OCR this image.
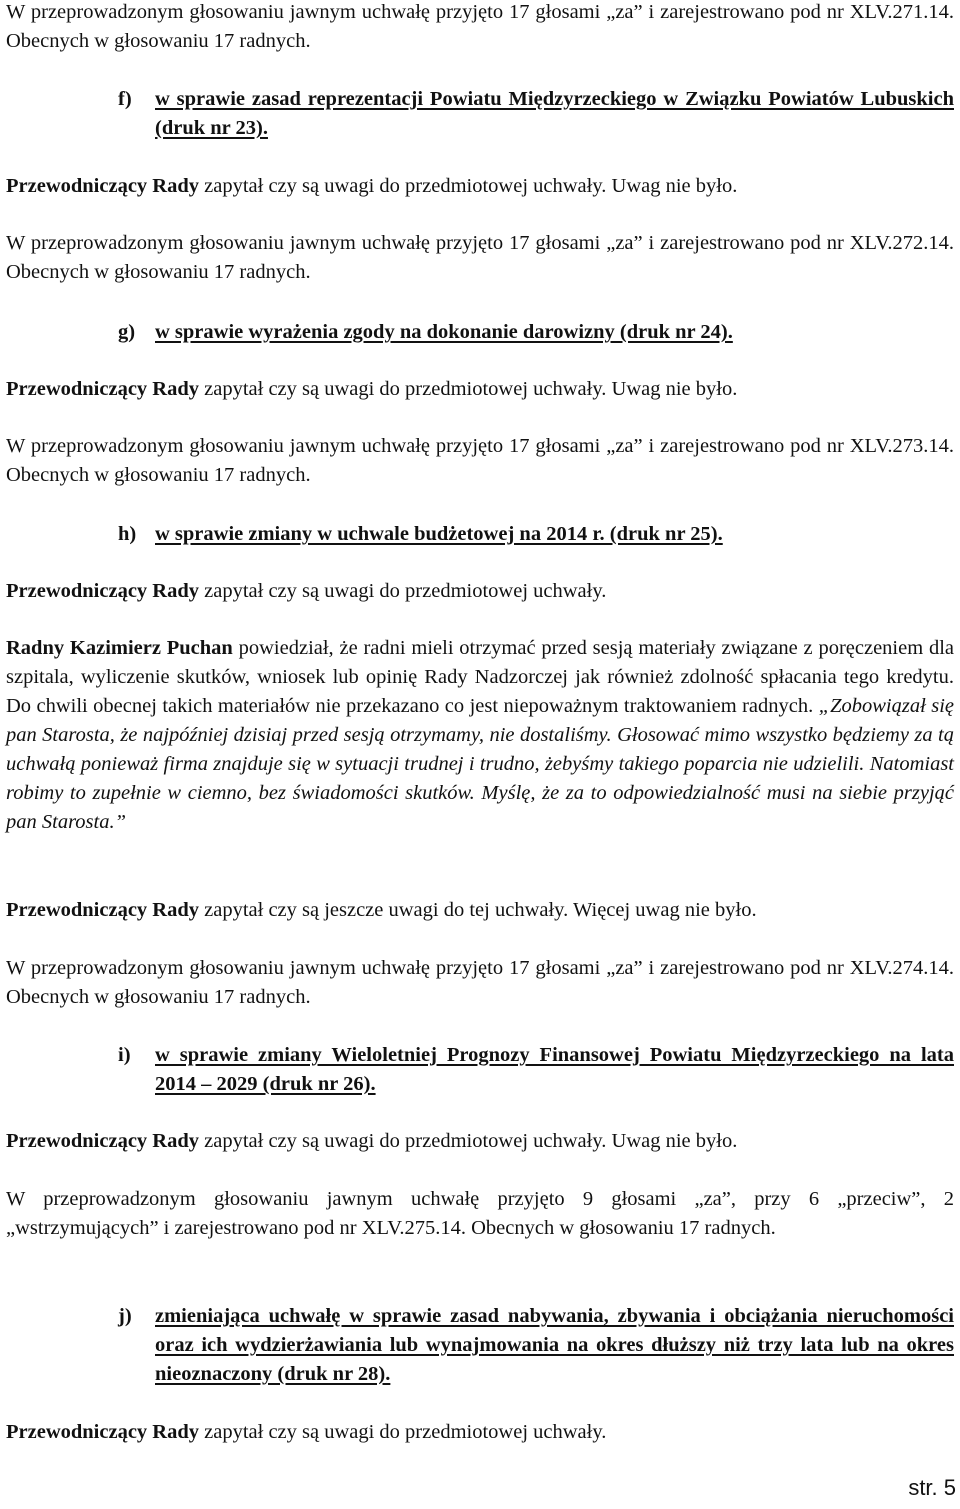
W przeprowadzonym głosowaniu jawnym uchwałę przyjęto 17 głosami „za” i zarejestrowano pod nr XLV.271.14. Obecnych w głosowaniu 17 radnych.

f) w sprawie zasad reprezentacji Powiatu Międzyrzeckiego w Związku Powiatów Lubuskich (druk nr 23).

Przewodniczący Rady zapytał czy są uwagi do przedmiotowej uchwały. Uwag nie było.

W przeprowadzonym głosowaniu jawnym uchwałę przyjęto 17 głosami „za” i zarejestrowano pod nr XLV.272.14. Obecnych w głosowaniu 17 radnych.

g) w sprawie wyrażenia zgody na dokonanie darowizny (druk nr 24).

Przewodniczący Rady zapytał czy są uwagi do przedmiotowej uchwały. Uwag nie było.

W przeprowadzonym głosowaniu jawnym uchwałę przyjęto 17 głosami „za” i zarejestrowano pod nr XLV.273.14. Obecnych w głosowaniu 17 radnych.

h) w sprawie zmiany w uchwale budżetowej na 2014 r. (druk nr 25).

Przewodniczący Rady zapytał czy są uwagi do przedmiotowej uchwały.

Radny Kazimierz Puchan powiedział, że radni mieli otrzymać przed sesją materiały związane z poręczeniem dla szpitala, wyliczenie skutków, wniosek lub opinię Rady Nadzorczej jak również zdolność spłacania tego kredytu. Do chwili obecnej takich materiałów nie przekazano co jest niepoważnym traktowaniem radnych. „Zobowiązał się pan Starosta, że najpóźniej dzisiaj przed sesją otrzymamy, nie dostaliśmy. Głosować mimo wszystko będziemy za tą uchwałą ponieważ firma znajduje się w sytuacji trudnej i trudno, żebyśmy takiego poparcia nie udzielili. Natomiast robimy to zupełnie w ciemno, bez świadomości skutków. Myślę, że za to odpowiedzialność musi na siebie przyjąć pan Starosta.”

Przewodniczący Rady zapytał czy są jeszcze uwagi do tej uchwały. Więcej uwag nie było.

W przeprowadzonym głosowaniu jawnym uchwałę przyjęto 17 głosami „za” i zarejestrowano pod nr XLV.274.14. Obecnych w głosowaniu 17 radnych.

i) w sprawie zmiany Wieloletniej Prognozy Finansowej Powiatu Międzyrzeckiego na lata 2014 – 2029 (druk nr 26).

Przewodniczący Rady zapytał czy są uwagi do przedmiotowej uchwały. Uwag nie było.

W przeprowadzonym głosowaniu jawnym uchwałę przyjęto 9 głosami „za”, przy 6 „przeciw”, 2 „wstrzymujących” i zarejestrowano pod nr XLV.275.14. Obecnych w głosowaniu 17 radnych.

j) zmieniająca uchwałę w sprawie zasad nabywania, zbywania i obciążania nieruchomości oraz ich wydzierżawiania lub wynajmowania na okres dłuższy niż trzy lata lub na okres nieoznaczony (druk nr 28).

Przewodniczący Rady zapytał czy są uwagi do przedmiotowej uchwały.

str. 5
